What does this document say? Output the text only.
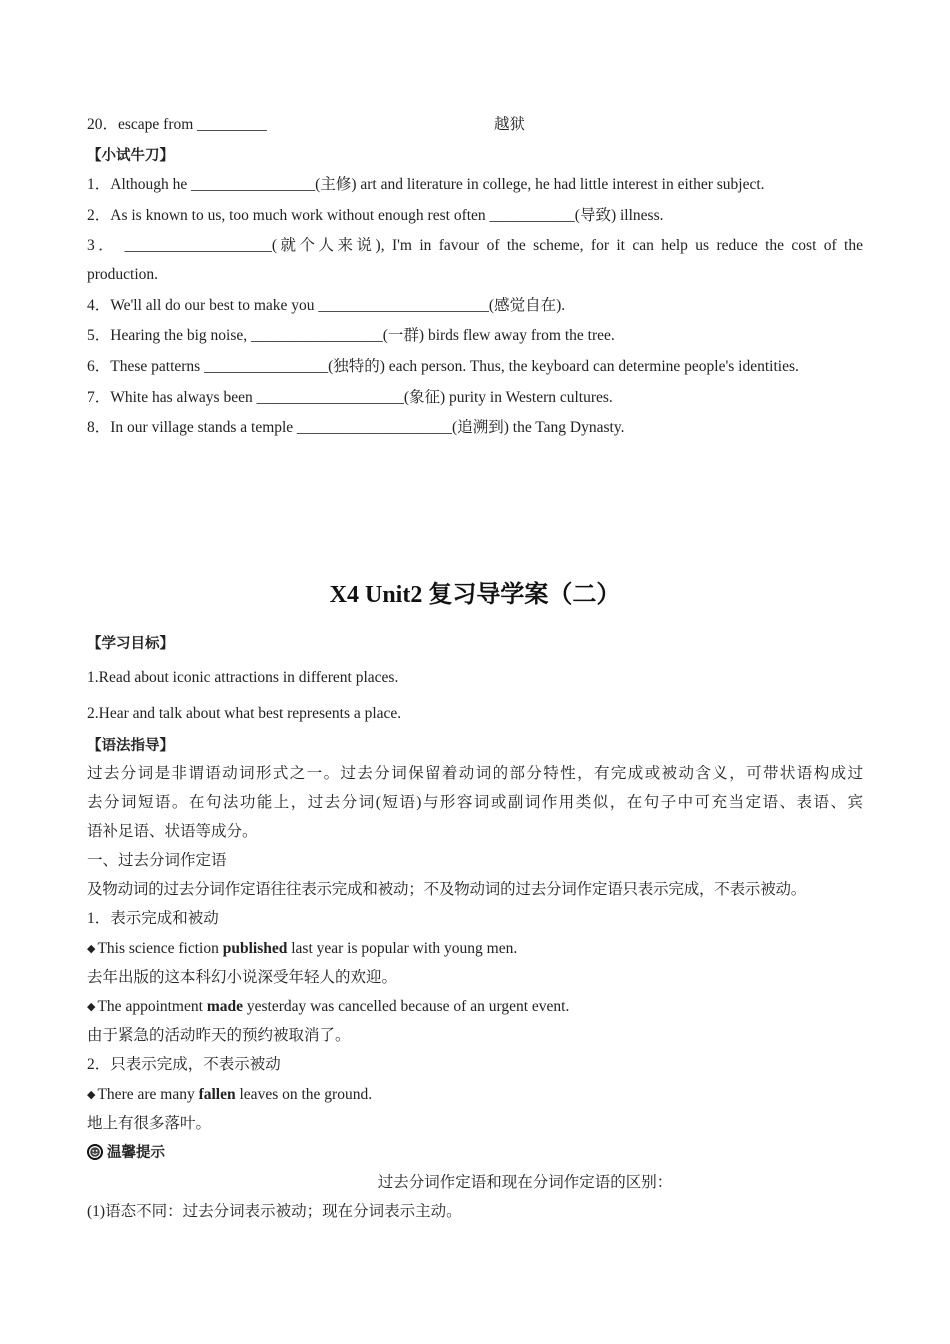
20．escape from _________	越狱
【小试牛刀】
1．Although he ________________(主修) art and literature in college, he had little interest in either subject.
2．As is known to us, too much work without enough rest often ___________(导致) illness.
3． ___________________(就个人来说), I'm in favour of the scheme, for it can help us reduce the cost of the
production.
4．We'll all do our best to make you ______________________(感觉自在).
5．Hearing the big noise, _________________(一群) birds flew away from the tree.
6．These patterns ________________(独特的) each person. Thus, the keyboard can determine people's identities.
7．White has always been ___________________(象征) purity in Western cultures.
8．In our village stands a temple ____________________(追溯到) the Tang Dynasty.
X4 Unit2 复习导学案（二）
【学习目标】
1.Read about iconic attractions in different places.
2.Hear and talk about what best represents a place.
【语法指导】
过去分词是非谓语动词形式之一。过去分词保留着动词的部分特性，有完成或被动含义，可带状语构成过
去分词短语。在句法功能上，过去分词(短语)与形容词或副词作用类似，在句子中可充当定语、表语、宾
语补足语、状语等成分。
一、过去分词作定语
及物动词的过去分词作定语往往表示完成和被动；不及物动词的过去分词作定语只表示完成，不表示被动。
1．表示完成和被动
◆ This science fiction published last year is popular with young men.
去年出版的这本科幻小说深受年轻人的欢迎。
◆ The appointment made yesterday was cancelled because of an urgent event.
由于紧急的活动昨天的预约被取消了。
2．只表示完成，不表示被动
◆ There are many fallen leaves on the ground.
地上有很多落叶。
温馨提示
过去分词作定语和现在分词作定语的区别：
(1)语态不同：过去分词表示被动；现在分词表示主动。
